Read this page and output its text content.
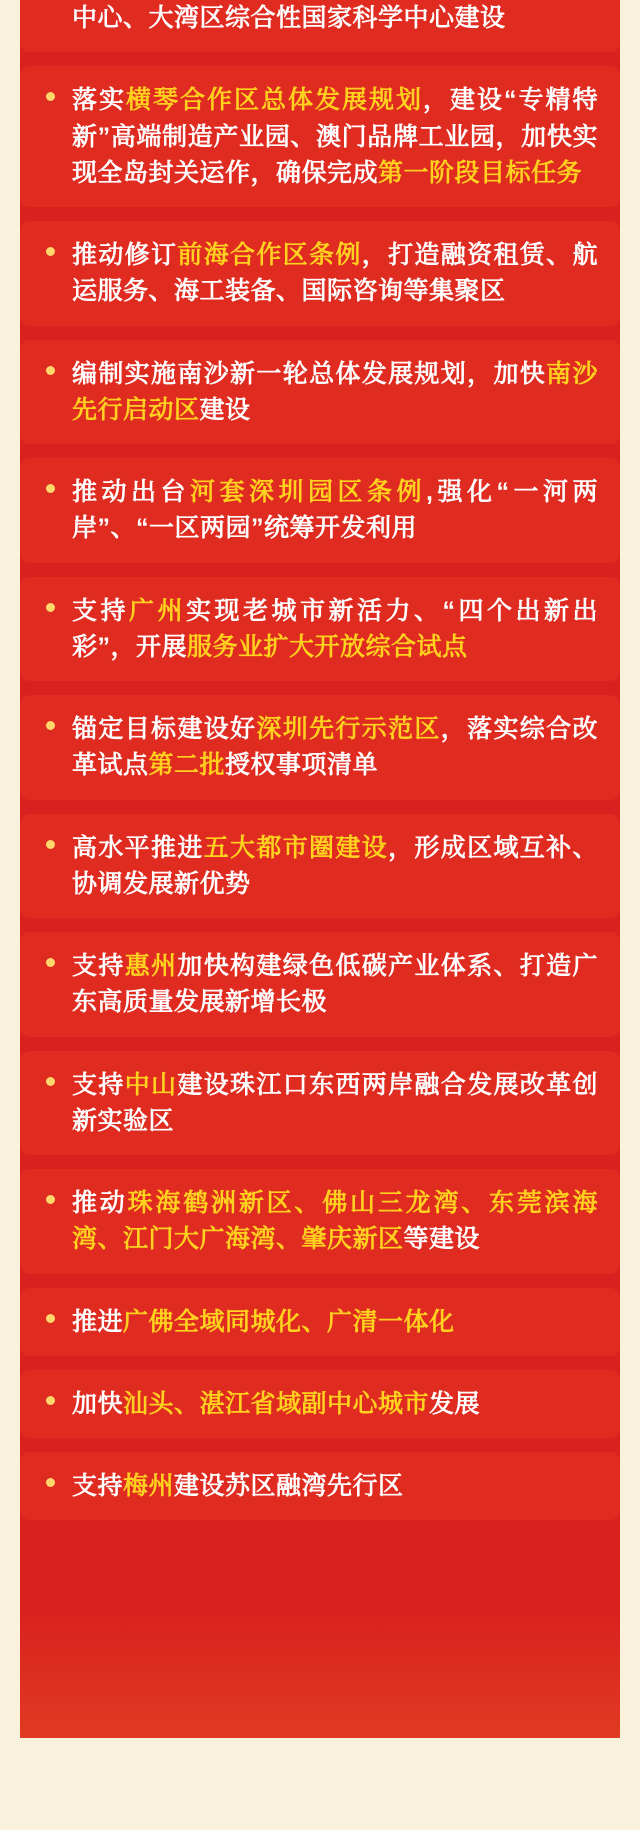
中心、大湾区综合性国家科学中心建设
落实横琴合作区总体发展规划，建设“专精特新”高端制造产业园、澳门品牌工业园，加快实现全岛封关运作，确保完成第一阶段目标任务
推动修订前海合作区条例，打造融资租赁、航运服务、海工装备、国际咨询等集聚区
编制实施南沙新一轮总体发展规划，加快南沙先行启动区建设
推动出台河套深圳园区条例,强化“一河两岸”、“一区两园”统筹开发利用
支持广州实现老城市新活力、“四个出新出彩”，开展服务业扩大开放综合试点
锚定目标建设好深圳先行示范区，落实综合改革试点第二批授权事项清单
高水平推进五大都市圈建设，形成区域互补、协调发展新优势
支持惠州加快构建绿色低碳产业体系、打造广东高质量发展新增长极
支持中山建设珠江口东西两岸融合发展改革创新实验区
推动珠海鹤洲新区、佛山三龙湾、东莞滨海湾、江门大广海湾、肇庆新区等建设
推进广佛全域同城化、广清一体化
加快汕头、湛江省域副中心城市发展
支持梅州建设苏区融湾先行区
